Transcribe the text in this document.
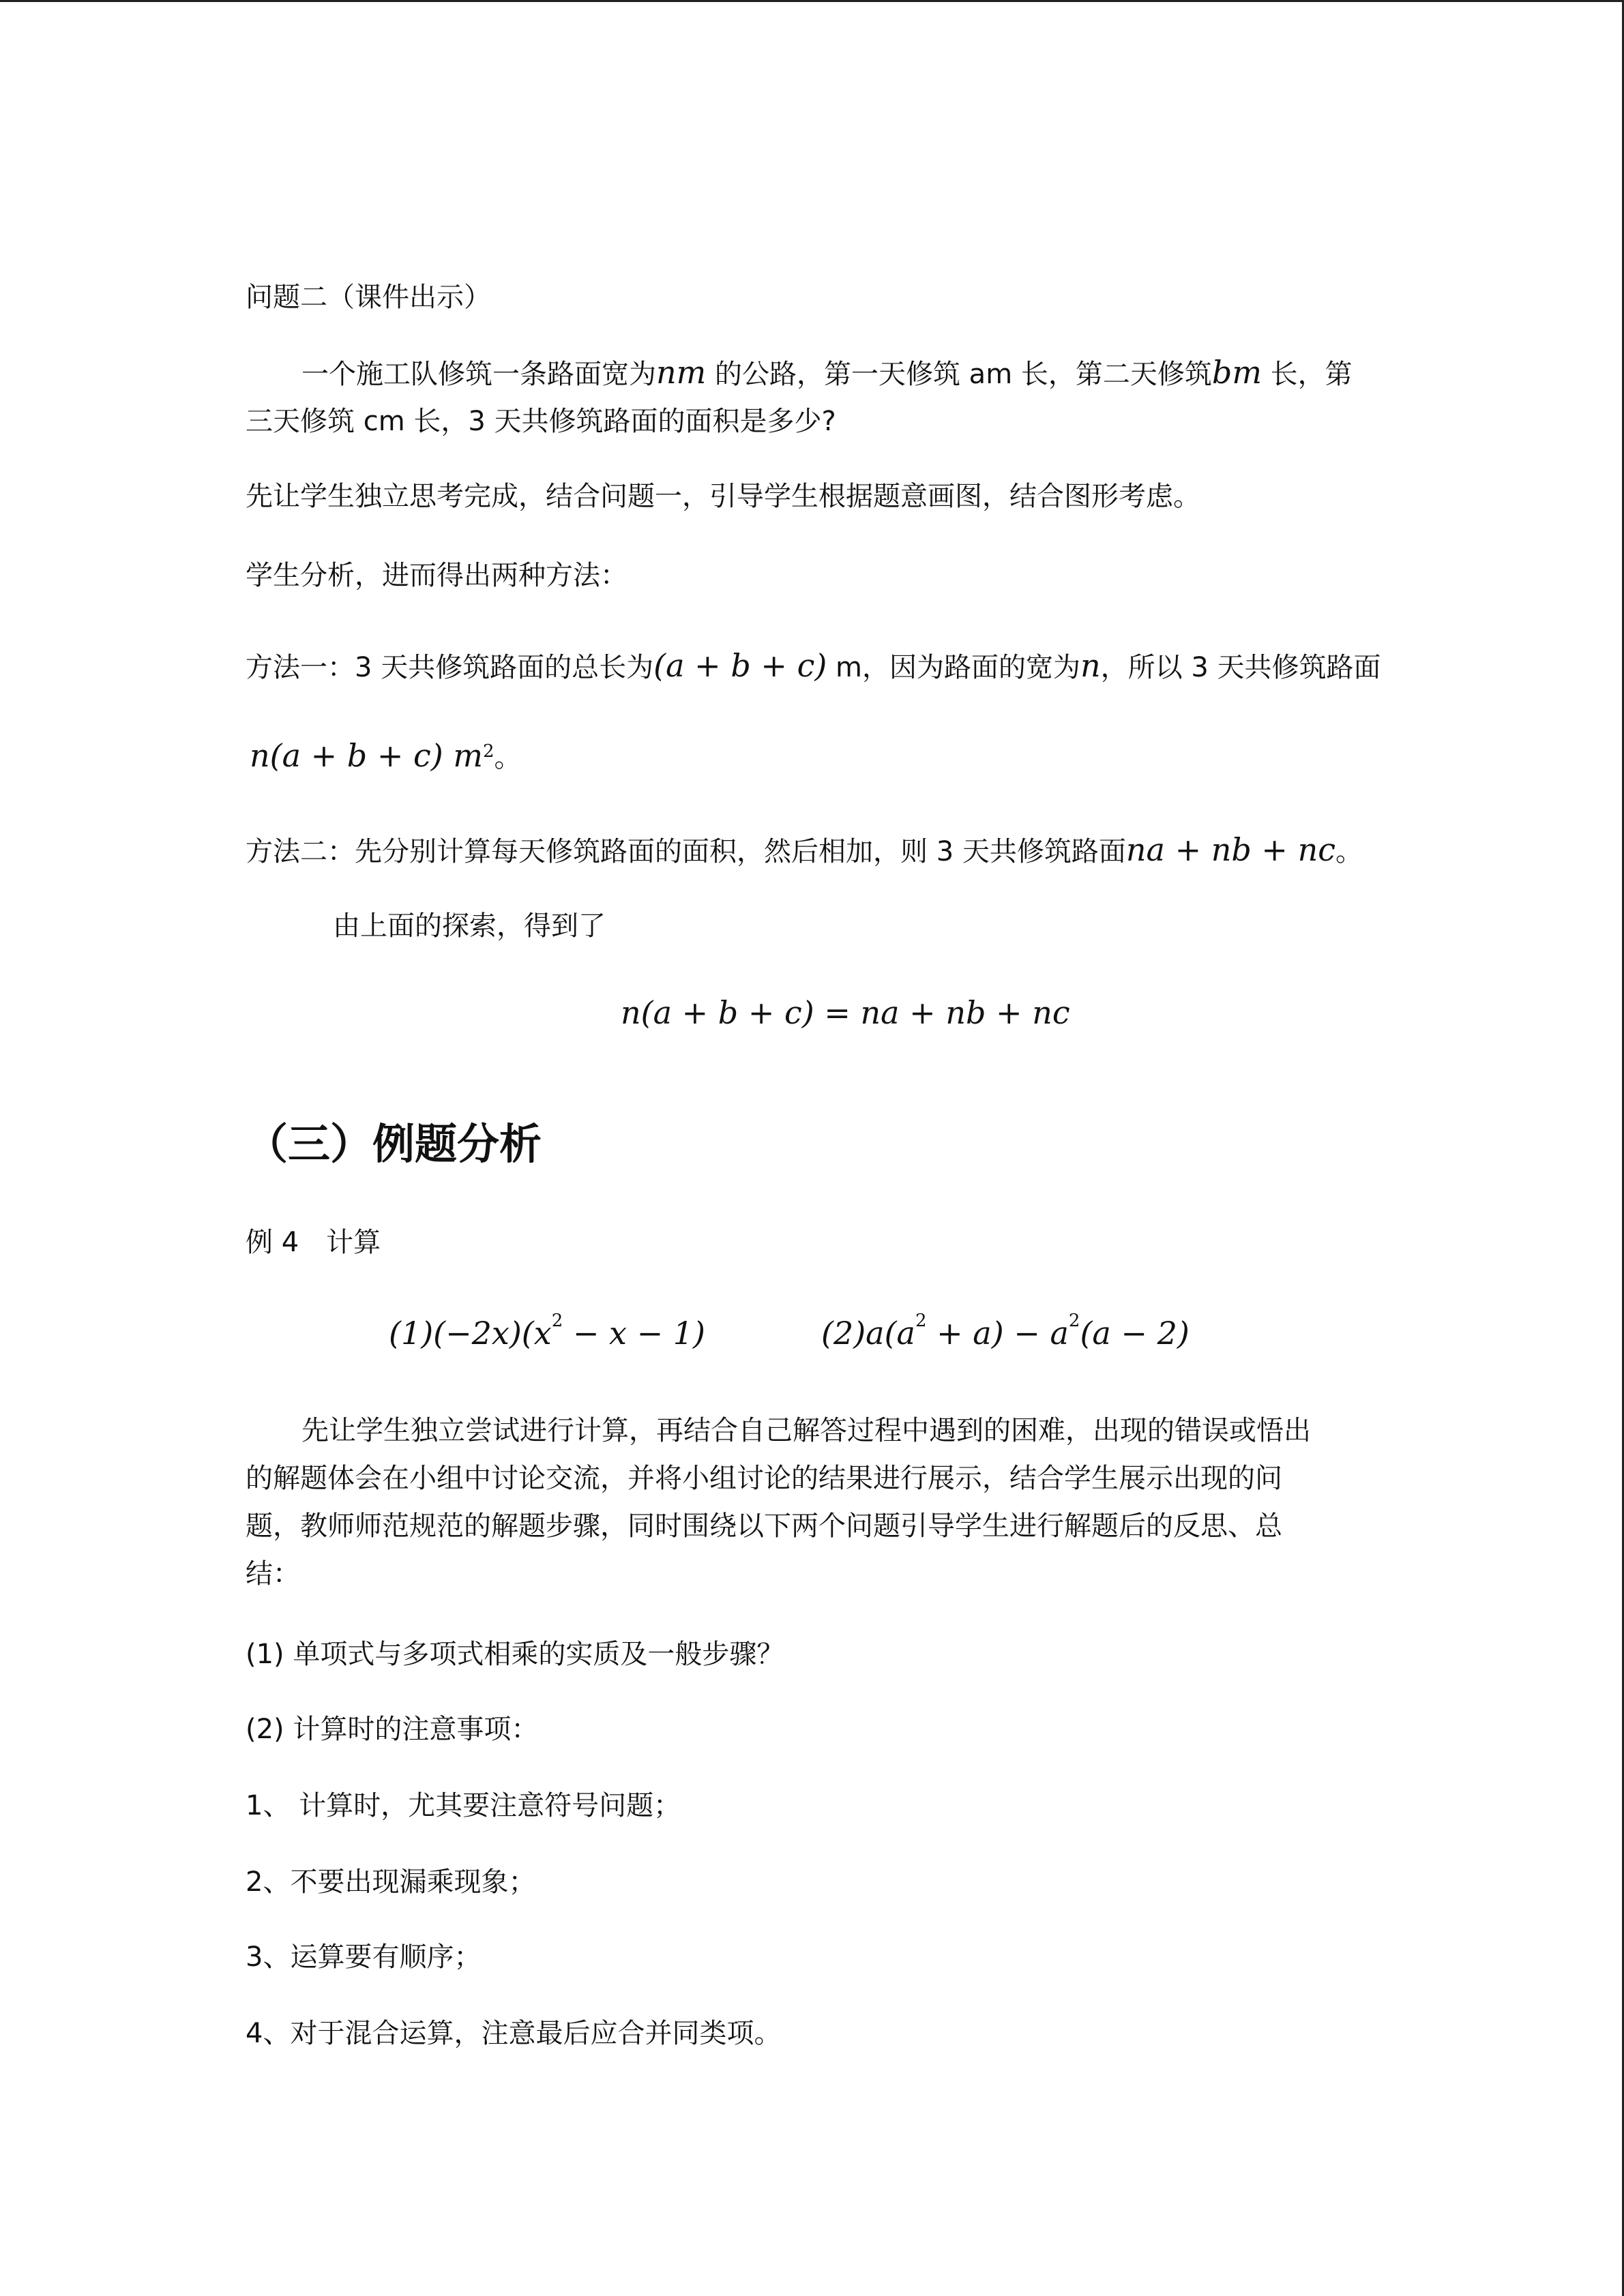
问题二（课件出示）
一个施工队修筑一条路面宽为nm 的公路，第一天修筑 am 长，第二天修筑bm 长，第
三天修筑 cm 长，3 天共修筑路面的面积是多少?
先让学生独立思考完成，结合问题一，引导学生根据题意画图，结合图形考虑。
学生分析，进而得出两种方法：
方法一：3 天共修筑路面的总长为(a + b + c) m，因为路面的宽为n，所以 3 天共修筑路面
n(a + b + c) $m^2$。
方法二：先分别计算每天修筑路面的面积，然后相加，则 3 天共修筑路面na + nb + nc。
由上面的探索，得到了
n(a + b + c) = na + nb + nc
（三）例题分析
例 4　计算
$(1)(-2x)(x^2 - x - 1)$	$(2)a(a^2 + a) - a^2(a - 2)$
先让学生独立尝试进行计算，再结合自己解答过程中遇到的困难，出现的错误或悟出
的解题体会在小组中讨论交流，并将小组讨论的结果进行展示，结合学生展示出现的问
题，教师师范规范的解题步骤，同时围绕以下两个问题引导学生进行解题后的反思、总
结：
(1) 单项式与多项式相乘的实质及一般步骤？
(2) 计算时的注意事项：
1、 计算时，尤其要注意符号问题；
2、不要出现漏乘现象；
3、运算要有顺序；
4、对于混合运算，注意最后应合并同类项。
